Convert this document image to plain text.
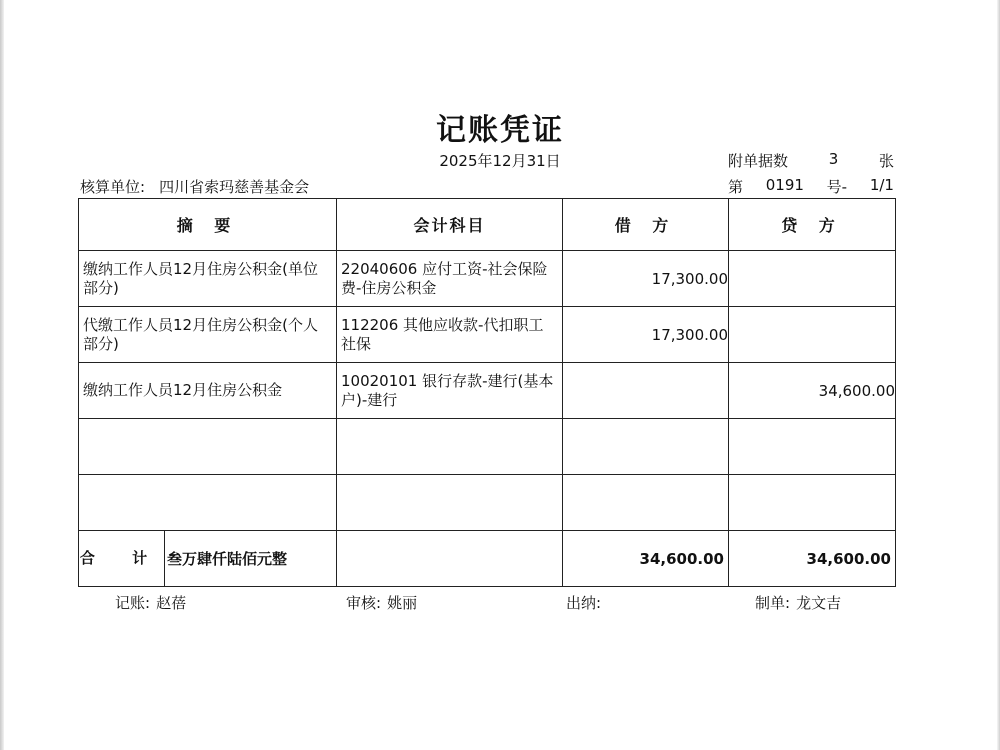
记账凭证
2025年12月31日	附单据数	3	张
核算单位: 四川省索玛慈善基金会	第 0191 号- 1/1
摘 要	会计科目	借 方	贷 方

缴纳工作人员12月住房公积金(单位部分)	22040606 应付工资-社会保险费-住房公积金	17,300.00	

代缴工作人员12月住房公积金(个人部分)	112206 其他应收款-代扣职工社保	17,300.00	

缴纳工作人员12月住房公积金	10020101 银行存款-建行(基本户)-建行		34,600.00

合 计 叁万肆仟陆佰元整		34,600.00	34,600.00
记账: 赵蓓	审核: 姚丽	出纳:	制单: 龙文吉
